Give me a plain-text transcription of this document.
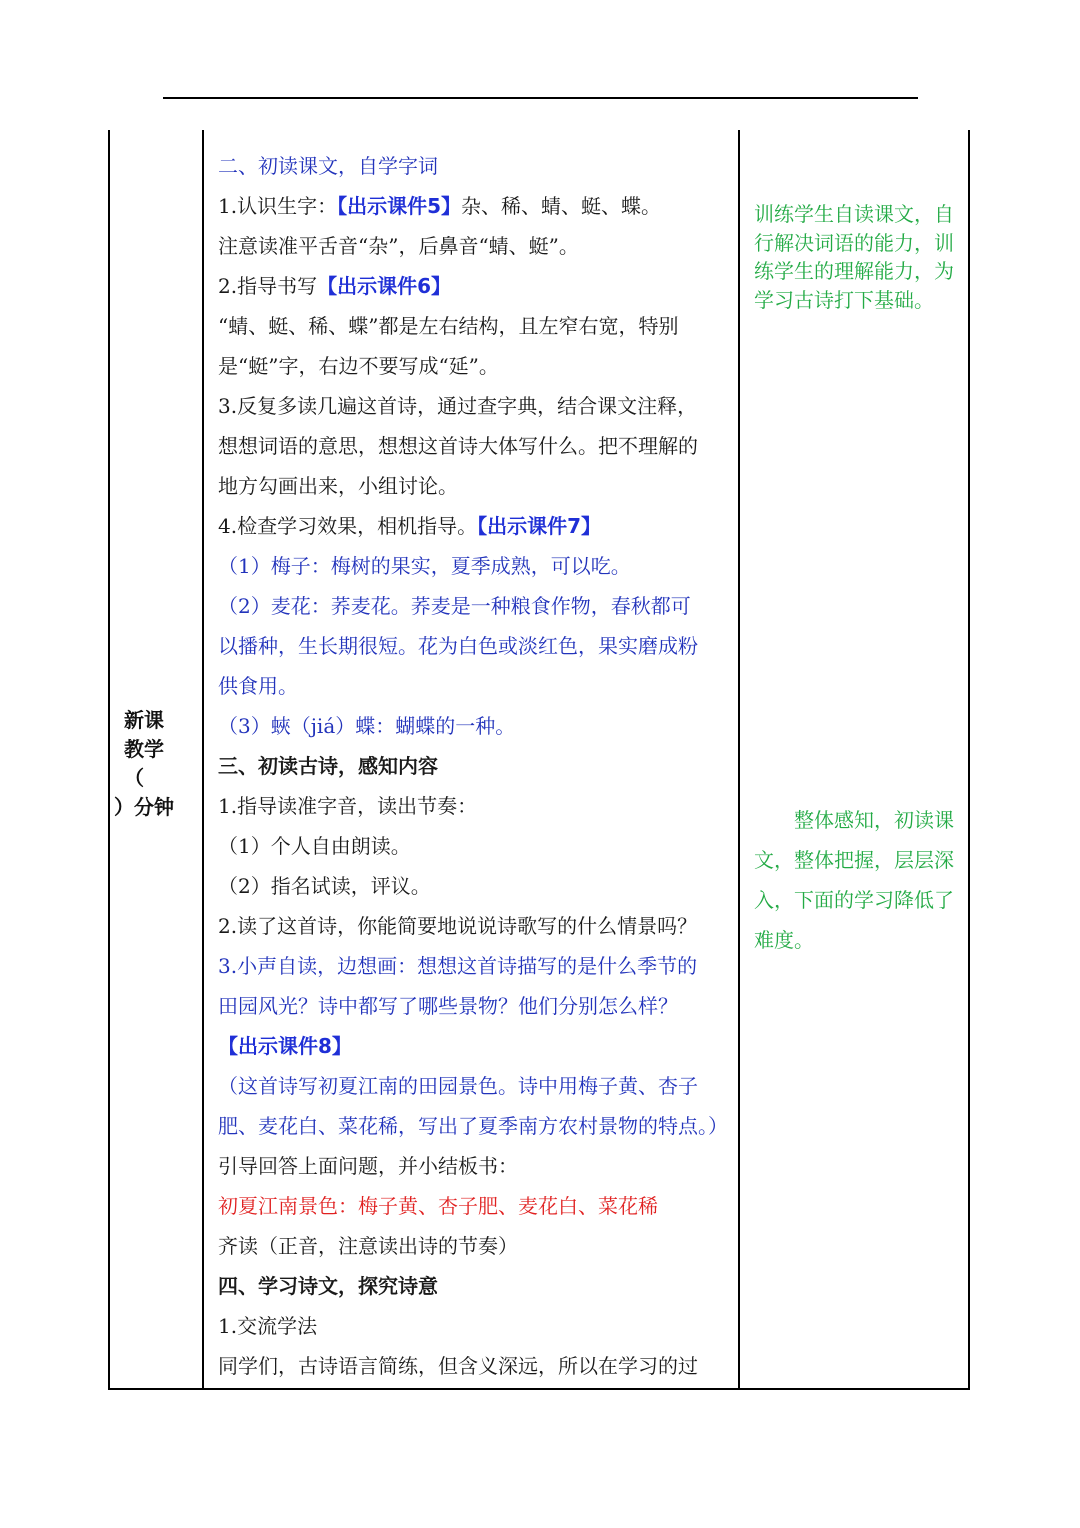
新课
教学
（
）分钟
二、初读课文，自学字词
1.认识生字：【出示课件5】杂、稀、蜻、蜓、蝶。
注意读准平舌音“杂”，后鼻音“蜻、蜓”。
2.指导书写【出示课件6】
“蜻、蜓、稀、蝶”都是左右结构，且左窄右宽，特别
是“蜓”字，右边不要写成“延”。
3.反复多读几遍这首诗，通过查字典，结合课文注释，
想想词语的意思，想想这首诗大体写什么。把不理解的
地方勾画出来，小组讨论。
4.检查学习效果，相机指导。【出示课件7】
（1）梅子：梅树的果实，夏季成熟，可以吃。
（2）麦花：荞麦花。荞麦是一种粮食作物，春秋都可
以播种，生长期很短。花为白色或淡红色，果实磨成粉
供食用。
（3）蛺（jiá）蝶：蝴蝶的一种。
三、初读古诗，感知内容
1.指导读准字音，读出节奏：
（1）个人自由朗读。
（2）指名试读，评议。
2.读了这首诗，你能简要地说说诗歌写的什么情景吗？
3.小声自读，边想画：想想这首诗描写的是什么季节的
田园风光？诗中都写了哪些景物？他们分别怎么样？
【出示课件8】
（这首诗写初夏江南的田园景色。诗中用梅子黄、杏子
肥、麦花白、菜花稀，写出了夏季南方农村景物的特点。）
引导回答上面问题，并小结板书：
初夏江南景色：梅子黄、杏子肥、麦花白、菜花稀
齐读（正音，注意读出诗的节奏）
四、学习诗文，探究诗意
1.交流学法
同学们，古诗语言简练，但含义深远，所以在学习的过
训练学生自读课文，自
行解决词语的能力，训
练学生的理解能力，为
学习古诗打下基础。
整体感知，初读课
文，整体把握，层层深
入，下面的学习降低了
难度。
